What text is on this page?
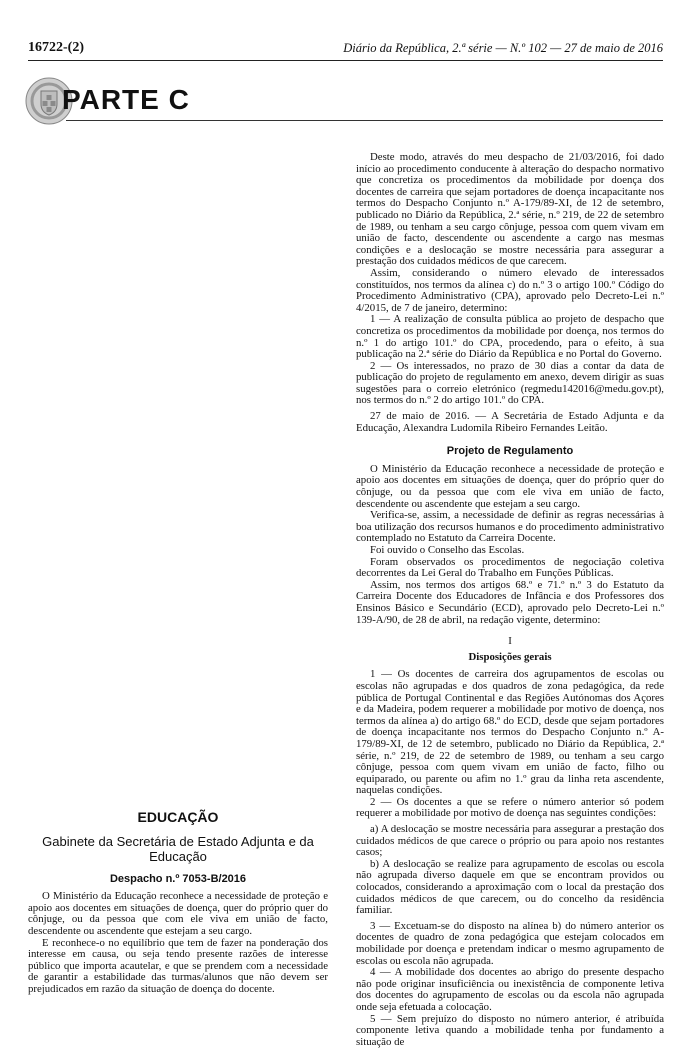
16722-(2)	Diário da República, 2.ª série — N.º 102 — 27 de maio de 2016
PARTE C
EDUCAÇÃO
Gabinete da Secretária de Estado Adjunta e da Educação
Despacho n.º 7053-B/2016

O Ministério da Educação reconhece a necessidade de proteção e apoio aos docentes em situações de doença, quer do próprio quer do cônjuge, ou da pessoa que com ele viva em união de facto, descendente ou ascendente que estejam a seu cargo.

E reconhece-o no equilíbrio que tem de fazer na ponderação dos interesse em causa, ou seja tendo presente razões de interesse público que importa acautelar, e que se prendem com a necessidade de garantir a estabilidade das turmas/alunos que não devem ser prejudicados em razão da situação de doença do docente.

Deste modo, através do meu despacho de 21/03/2016, foi dado início ao procedimento conducente à alteração do despacho normativo que concretiza os procedimentos da mobilidade por doença dos docentes de carreira que sejam portadores de doença incapacitante nos termos do Despacho Conjunto n.º A-179/89-XI, de 12 de setembro, publicado no Diário da República, 2.ª série, n.º 219, de 22 de setembro de 1989, ou tenham a seu cargo cônjuge, pessoa com quem vivam em união de facto, descendente ou ascendente a cargo nas mesmas condições e a deslocação se mostre necessária para assegurar a prestação dos cuidados médicos de que carecem.

Assim, considerando o número elevado de interessados constituídos, nos termos da alínea c) do n.º 3 o artigo 100.º Código do Procedimento Administrativo (CPA), aprovado pelo Decreto-Lei n.º 4/2015, de 7 de janeiro, determino:

1 — A realização de consulta pública ao projeto de despacho que concretiza os procedimentos da mobilidade por doença, nos termos do n.º 1 do artigo 101.º do CPA, procedendo, para o efeito, à sua publicação na 2.ª série do Diário da República e no Portal do Governo.

2 — Os interessados, no prazo de 30 dias a contar da data de publicação do projeto de regulamento em anexo, devem dirigir as suas sugestões para o correio eletrónico (regmedu142016@medu.gov.pt), nos termos do n.º 2 do artigo 101.º do CPA.

27 de maio de 2016. — A Secretária de Estado Adjunta e da Educação, Alexandra Ludomila Ribeiro Fernandes Leitão.

Projeto de Regulamento

O Ministério da Educação reconhece a necessidade de proteção e apoio aos docentes em situações de doença, quer do próprio quer do cônjuge, ou da pessoa que com ele viva em união de facto, descendente ou ascendente que estejam a seu cargo.

Verifica-se, assim, a necessidade de definir as regras necessárias à boa utilização dos recursos humanos e do procedimento administrativo contemplado no Estatuto da Carreira Docente.

Foi ouvido o Conselho das Escolas.

Foram observados os procedimentos de negociação coletiva decorrentes da Lei Geral do Trabalho em Funções Públicas.

Assim, nos termos dos artigos 68.º e 71.º n.º 3 do Estatuto da Carreira Docente dos Educadores de Infância e dos Professores dos Ensinos Básico e Secundário (ECD), aprovado pelo Decreto-Lei n.º 139-A/90, de 28 de abril, na redação vigente, determino:

I
Disposições gerais

1 — Os docentes de carreira dos agrupamentos de escolas ou escolas não agrupadas e dos quadros de zona pedagógica, da rede pública de Portugal Continental e das Regiões Autónomas dos Açores e da Madeira, podem requerer a mobilidade por motivo de doença, nos termos da alínea a) do artigo 68.º do ECD, desde que sejam portadores de doença incapacitante nos termos do Despacho Conjunto n.º A-179/89-XI, de 12 de setembro, publicado no Diário da República, 2.ª série, n.º 219, de 22 de setembro de 1989, ou tenham a seu cargo cônjuge, pessoa com quem vivam em união de facto, filho ou equiparado, ou parente ou afim no 1.º grau da linha reta ascendente, naquelas condições.

2 — Os docentes a que se refere o número anterior só podem requerer a mobilidade por motivo de doença nas seguintes condições:

a) A deslocação se mostre necessária para assegurar a prestação dos cuidados médicos de que carece o próprio ou para apoio nos restantes casos;

b) A deslocação se realize para agrupamento de escolas ou escola não agrupada diverso daquele em que se encontram providos ou colocados, considerando a aproximação com o local da prestação dos cuidados médicos de que carecem, ou do concelho da residência familiar.

3 — Excetuam-se do disposto na alínea b) do número anterior os docentes de quadro de zona pedagógica que estejam colocados em mobilidade por doença e pretendam indicar o mesmo agrupamento de escolas ou escola não agrupada.

4 — A mobilidade dos docentes ao abrigo do presente despacho não pode originar insuficiência ou inexistência de componente letiva dos docentes do agrupamento de escolas ou da escola não agrupada onde seja efetuada a colocação.

5 — Sem prejuízo do disposto no número anterior, é atribuída componente letiva quando a mobilidade tenha por fundamento a situação de
